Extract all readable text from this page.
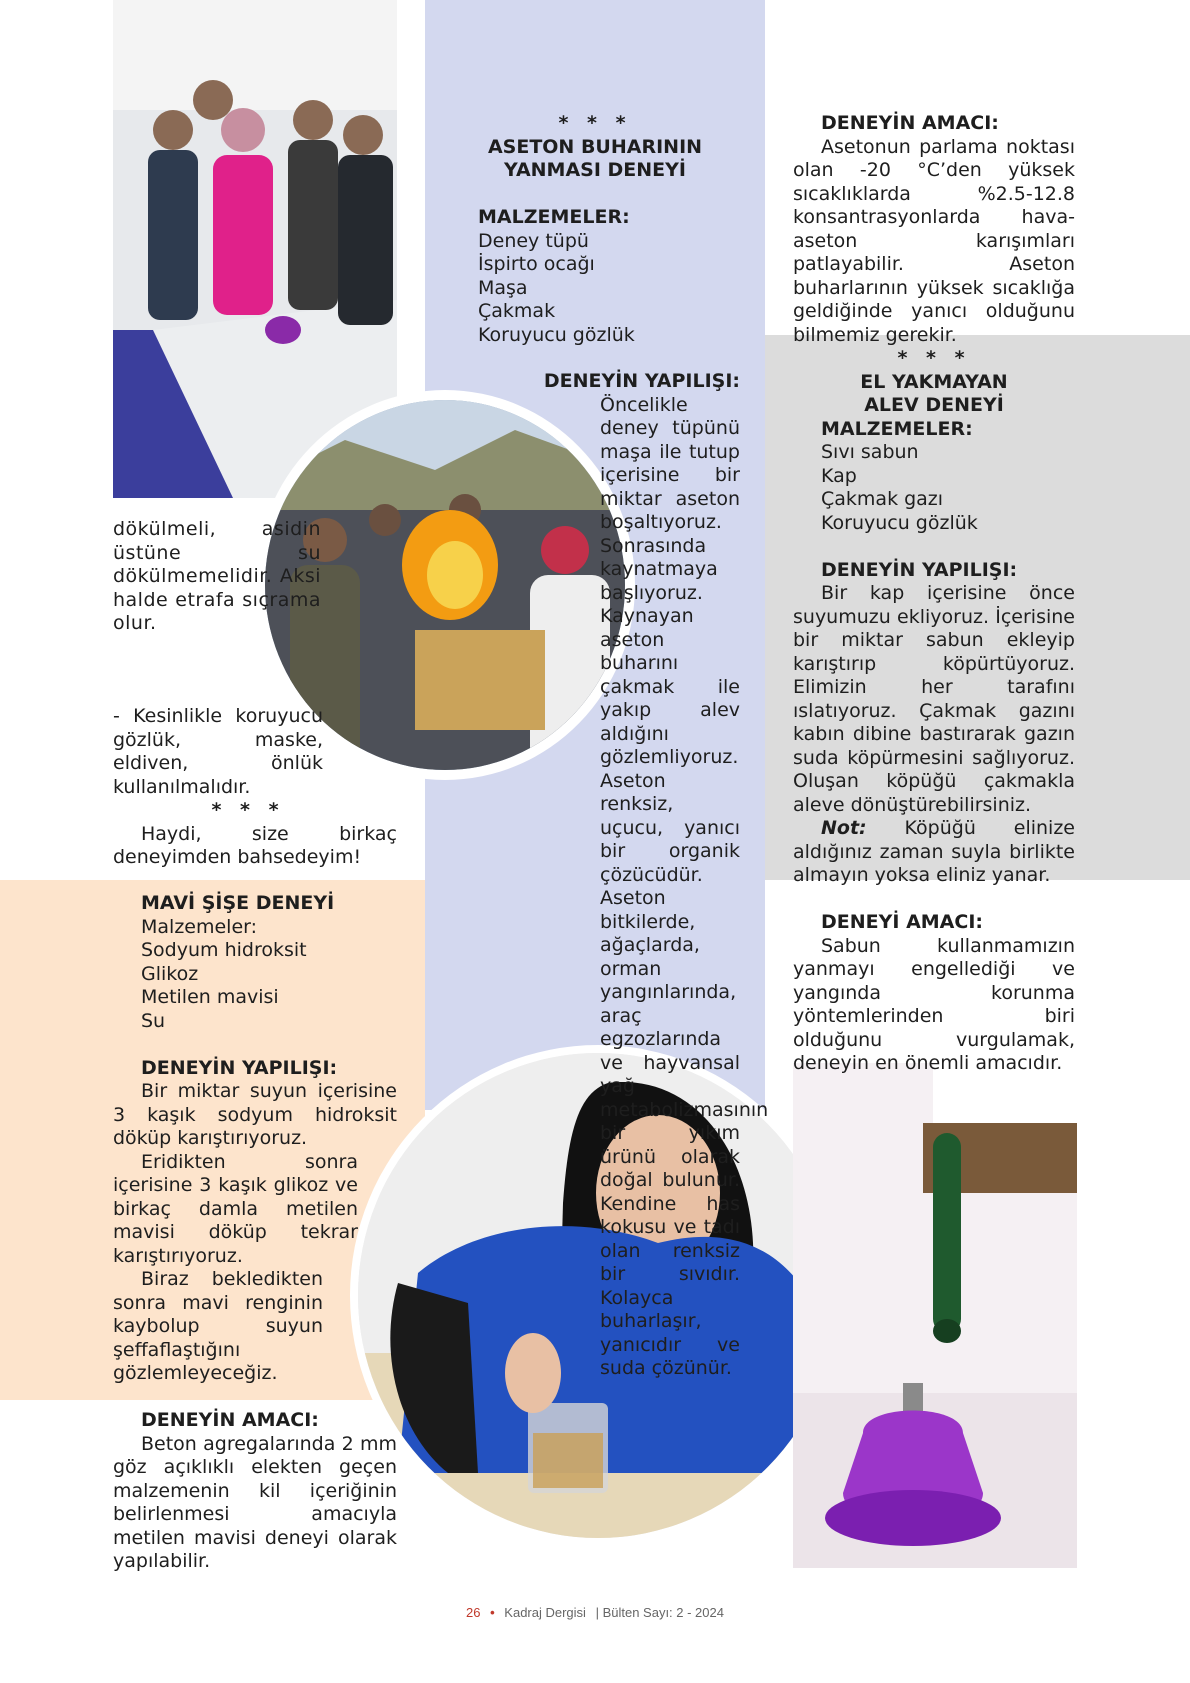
dökülmeli, asidin üstüne su dökülmemelidir. Aksi halde etrafa sıçrama olur.

- Kesinlikle koruyucu gözlük, maske, eldiven, önlük kullanılmalıdır.

* * *

Haydi, size birkaç deneyimden bahsedeyim!

MAVİ ŞİŞE DENEYİ

Malzemeler:

Sodyum hidroksit

Glikoz

Metilen mavisi

Su

DENEYİN YAPILIŞI:

Bir miktar suyun içerisine 3 kaşık sodyum hidroksit döküp karıştırıyoruz.

Eridikten sonra içerisine 3 kaşık glikoz ve birkaç damla metilen mavisi döküp tekrar karıştırıyoruz.

Biraz bekledikten sonra mavi renginin kaybolup suyun şeffaflaştığını gözlemleyeceğiz.

DENEYİN AMACI:

Beton agregalarında 2 mm göz açıklıklı elekten geçen malzemenin kil içeriğinin belirlenmesi amacıyla metilen mavisi deneyi olarak yapılabilir.

* * *

ASETON BUHARININ

YANMASI DENEYİ

MALZEMELER:

Deney tüpü

İspirto ocağı

Maşa

Çakmak

Koruyucu gözlük

DENEYİN YAPILIŞI:

Öncelikle deney tüpünü maşa ile tutup içerisine bir miktar aseton boşaltıyoruz. Sonrasında kaynatmaya başlıyoruz. Kaynayan aseton buharını çakmak ile yakıp alev aldığını gözlemliyoruz. Aseton renksiz, uçucu, yanıcı bir organik çözücüdür. Aseton bitkilerde, ağaçlarda, orman yangınlarında, araç egzozlarında ve hayvansal yağ metabolizmasının bir yıkım ürünü olarak doğal bulunur. Kendine has kokusu ve tadı olan renksiz bir sıvıdır. Kolayca buharlaşır, yanıcıdır ve suda çözünür.

DENEYİN AMACI:

Asetonun parlama noktası olan -20 °C’den yüksek sıcaklıklarda %2.5-12.8 konsantrasyonlarda hava-aseton karışımları patlayabilir. Aseton buharlarının yüksek sıcaklığa geldiğinde yanıcı olduğunu bilmemiz gerekir.

* * *

EL YAKMAYAN

ALEV DENEYİ

MALZEMELER:

Sıvı sabun

Kap

Çakmak gazı

Koruyucu gözlük

DENEYİN YAPILIŞI:

Bir kap içerisine önce suyumuzu ekliyoruz. İçerisine bir miktar sabun ekleyip karıştırıp köpürtüyoruz. Elimizin her tarafını ıslatıyoruz. Çakmak gazını kabın dibine bastırarak gazın suda köpürmesini sağlıyoruz. Oluşan köpüğü çakmakla aleve dönüştürebilirsiniz.

Not: Köpüğü elinize aldığınız zaman suyla birlikte almayın yoksa eliniz yanar.

DENEYİ AMACI:

Sabun kullanmamızın yanmayı engellediği ve yangında korunma yöntemlerinden biri olduğunu vurgulamak, deneyin en önemli amacıdır.

26 • Kadraj Dergisi | Bülten Sayı: 2 - 2024
